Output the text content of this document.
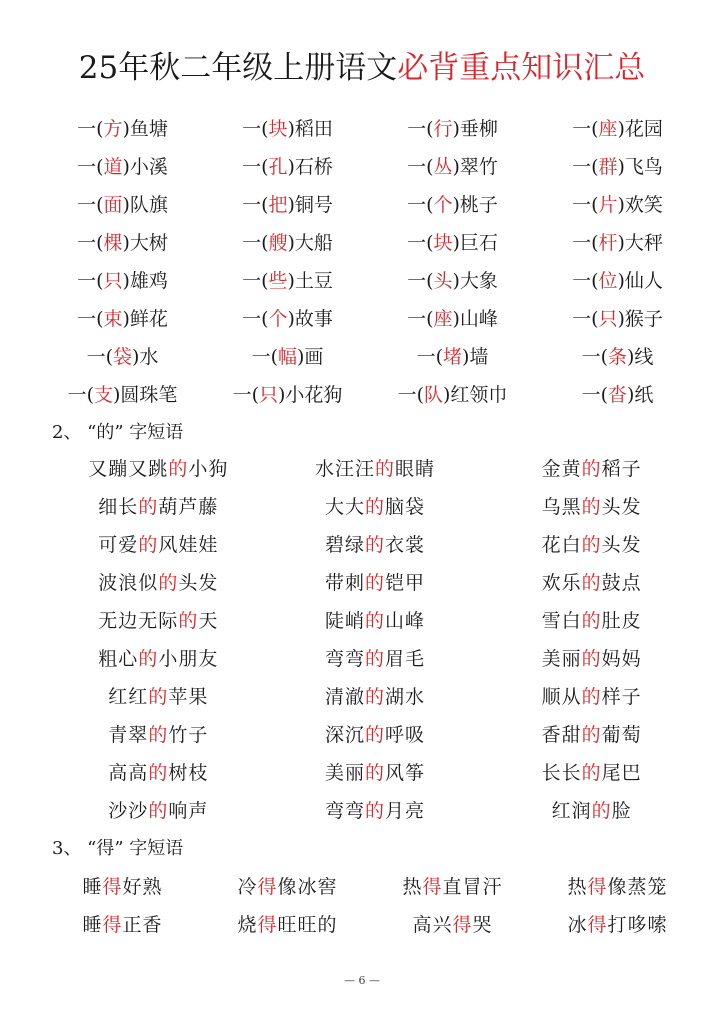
25年秋二年级上册语文必背重点知识汇总
一(方)鱼塘	一(块)稻田	一(行)垂柳	一(座)花园
一(道)小溪	一(孔)石桥	一(丛)翠竹	一(群)飞鸟
一(面)队旗	一(把)铜号	一(个)桃子	一(片)欢笑
一(棵)大树	一(艘)大船	一(块)巨石	一(杆)大秤
一(只)雄鸡	一(些)土豆	一(头)大象	一(位)仙人
一(束)鲜花	一(个)故事	一(座)山峰	一(只)猴子
一(袋)水	一(幅)画	一(堵)墙	一(条)线
一(支)圆珠笔	一(只)小花狗	一(队)红领巾	一(沓)纸
2、 “的” 字短语
又蹦又跳的小狗	水汪汪的眼睛	金黄的稻子
细长的葫芦藤	大大的脑袋	乌黑的头发
可爱的风娃娃	碧绿的衣裳	花白的头发
波浪似的头发	带刺的铠甲	欢乐的鼓点
无边无际的天	陡峭的山峰	雪白的肚皮
粗心的小朋友	弯弯的眉毛	美丽的妈妈
红红的苹果	清澈的湖水	顺从的样子
青翠的竹子	深沉的呼吸	香甜的葡萄
高高的树枝	美丽的风筝	长长的尾巴
沙沙的响声	弯弯的月亮	红润的脸
3、 “得” 字短语
睡得好熟	冷得像冰窖	热得直冒汗	热得像蒸笼
睡得正香	烧得旺旺的	高兴得哭	冰得打哆嗦
— 6 —
